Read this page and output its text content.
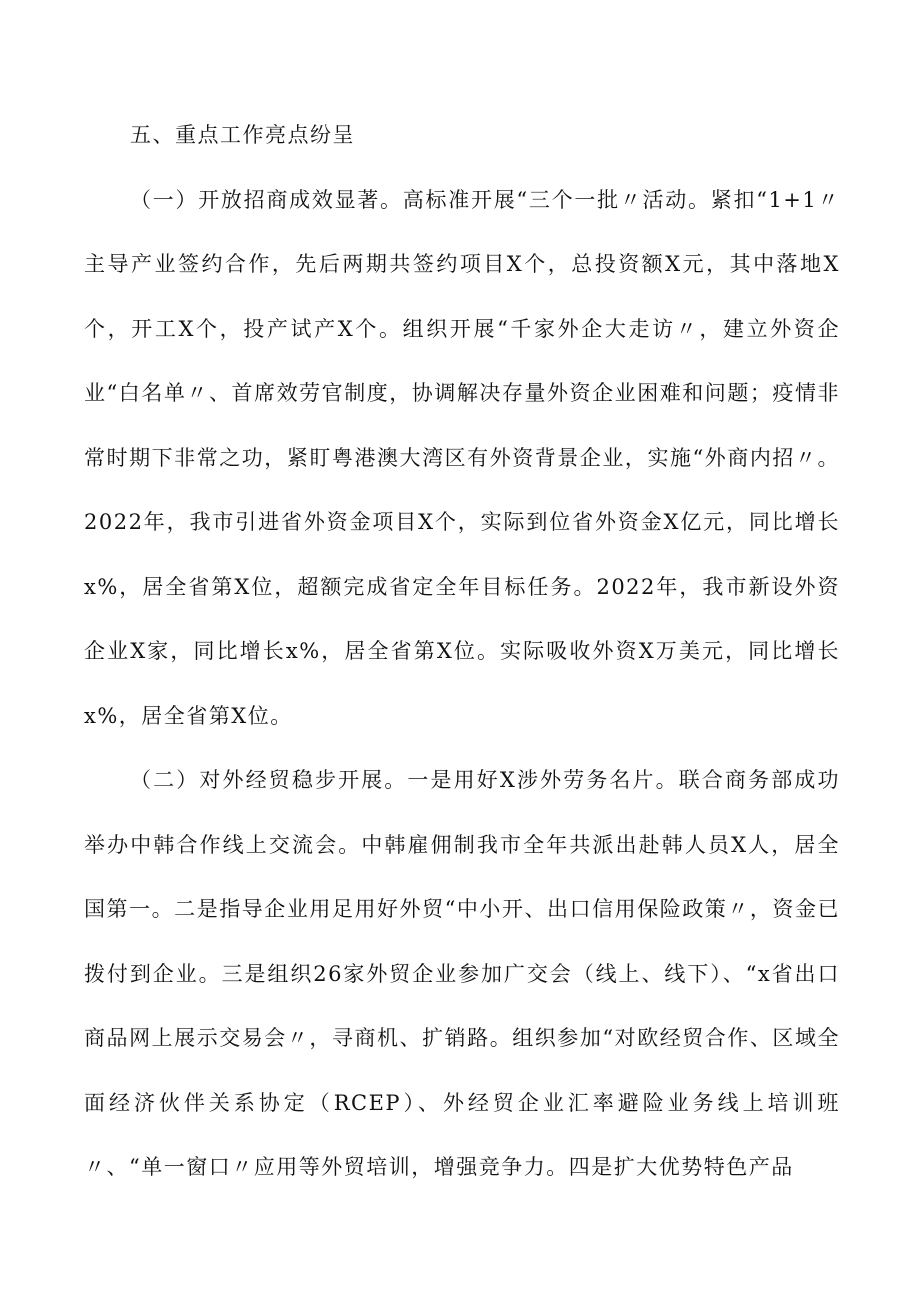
五、重点工作亮点纷呈

（一）开放招商成效显著。高标准开展“三个一批〃活动。紧扣“1+1〃主导产业签约合作，先后两期共签约项目X个，总投资额X元，其中落地X个，开工X个，投产试产X个。组织开展“千家外企大走访〃，建立外资企业“白名单〃、首席效劳官制度，协调解决存量外资企业困难和问题；疫情非常时期下非常之功，紧盯粤港澳大湾区有外资背景企业，实施“外商内招〃。2022年，我市引进省外资金项目X个，实际到位省外资金X亿元，同比增长x%，居全省第X位，超额完成省定全年目标任务。2022年，我市新设外资企业X家，同比增长x%，居全省第X位。实际吸收外资X万美元，同比增长x%，居全省第X位。

（二）对外经贸稳步开展。一是用好X涉外劳务名片。联合商务部成功举办中韩合作线上交流会。中韩雇佣制我市全年共派出赴韩人员X人，居全国第一。二是指导企业用足用好外贸“中小开、出口信用保险政策〃，资金已拨付到企业。三是组织26家外贸企业参加广交会（线上、线下）、“x省出口商品网上展示交易会〃，寻商机、扩销路。组织参加“对欧经贸合作、区域全面经济伙伴关系协定（RCEP）、外经贸企业汇率避险业务线上培训班〃、“单一窗口〃应用等外贸培训，增强竞争力。四是扩大优势特色产品
